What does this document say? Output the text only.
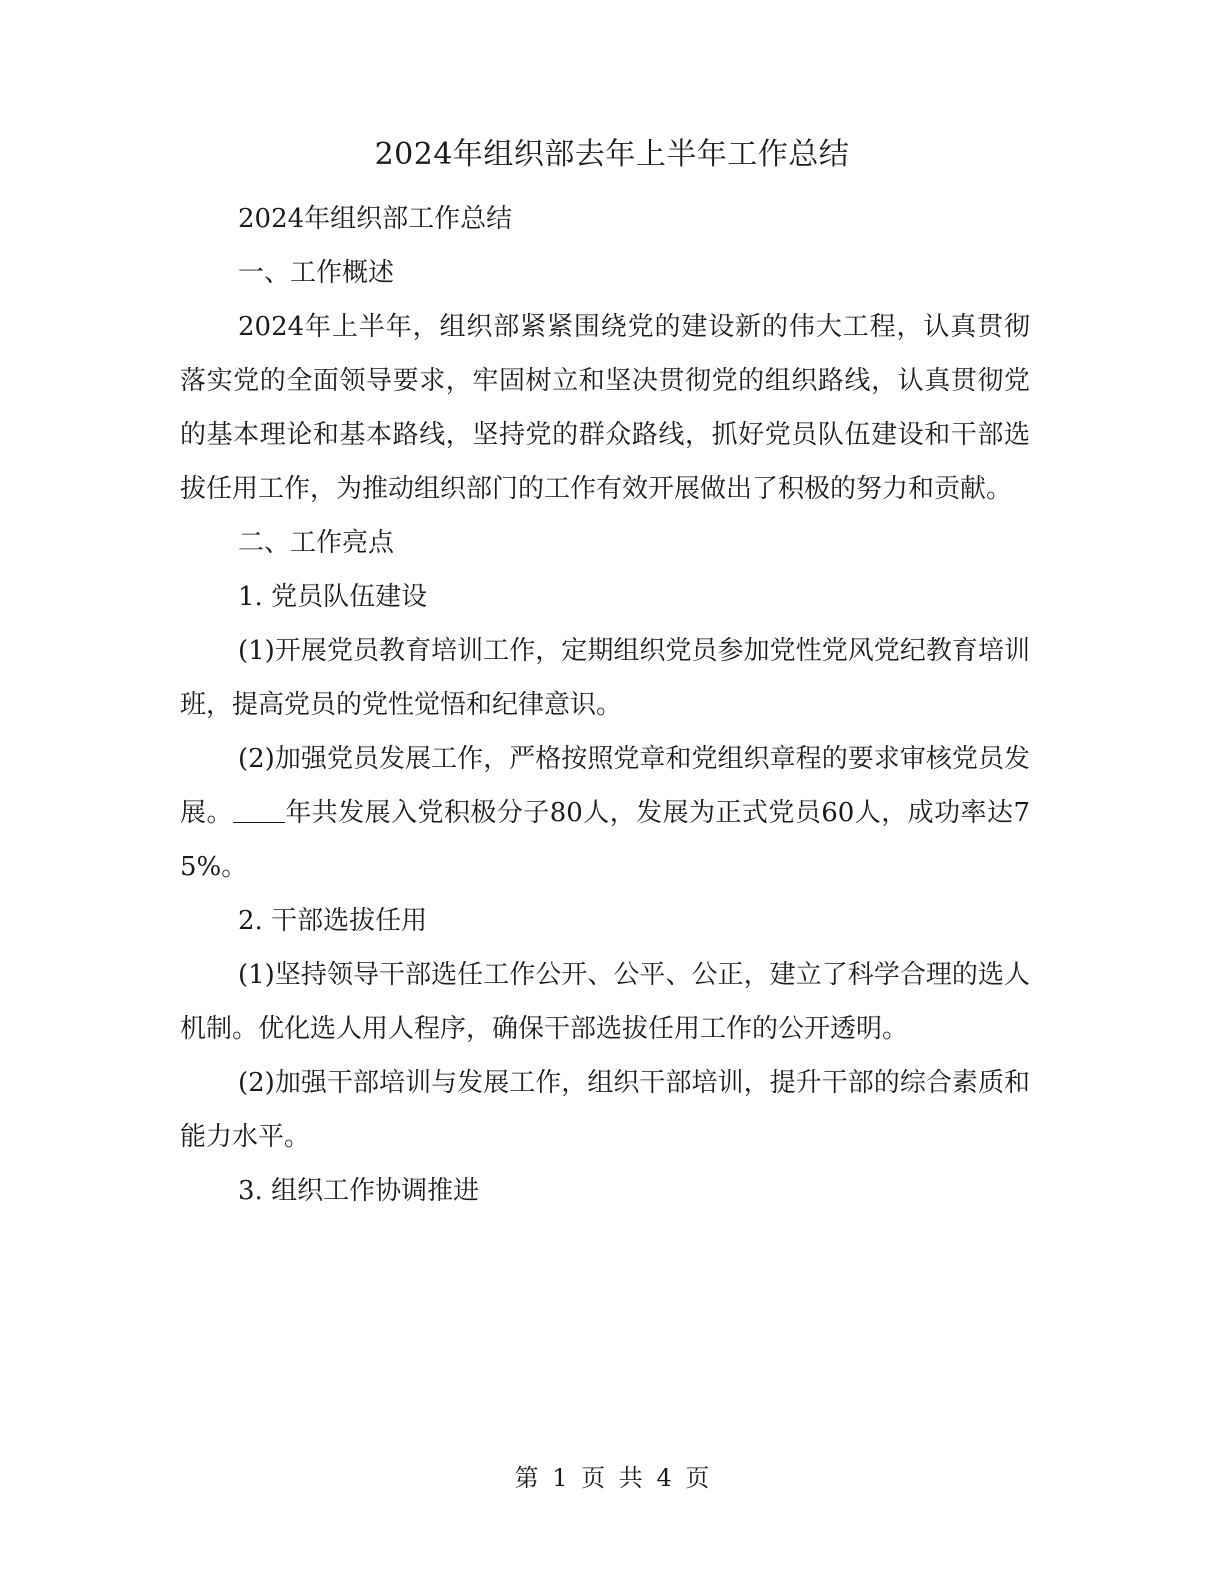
2024年组织部去年上半年工作总结

2024年组织部工作总结

一、工作概述

2024年上半年，组织部紧紧围绕党的建设新的伟大工程，认真贯彻落实党的全面领导要求，牢固树立和坚决贯彻党的组织路线，认真贯彻党的基本理论和基本路线，坚持党的群众路线，抓好党员队伍建设和干部选拔任用工作，为推动组织部门的工作有效开展做出了积极的努力和贡献。

二、工作亮点

1. 党员队伍建设

(1)开展党员教育培训工作，定期组织党员参加党性党风党纪教育培训班，提高党员的党性觉悟和纪律意识。

(2)加强党员发展工作，严格按照党章和党组织章程的要求审核党员发展。 年共发展入党积极分子80人，发展为正式党员60人，成功率达75%。

2. 干部选拔任用

(1)坚持领导干部选任工作公开、公平、公正，建立了科学合理的选人机制。优化选人用人程序，确保干部选拔任用工作的公开透明。

(2)加强干部培训与发展工作，组织干部培训，提升干部的综合素质和能力水平。

3. 组织工作协调推进

第 1 页 共 4 页
